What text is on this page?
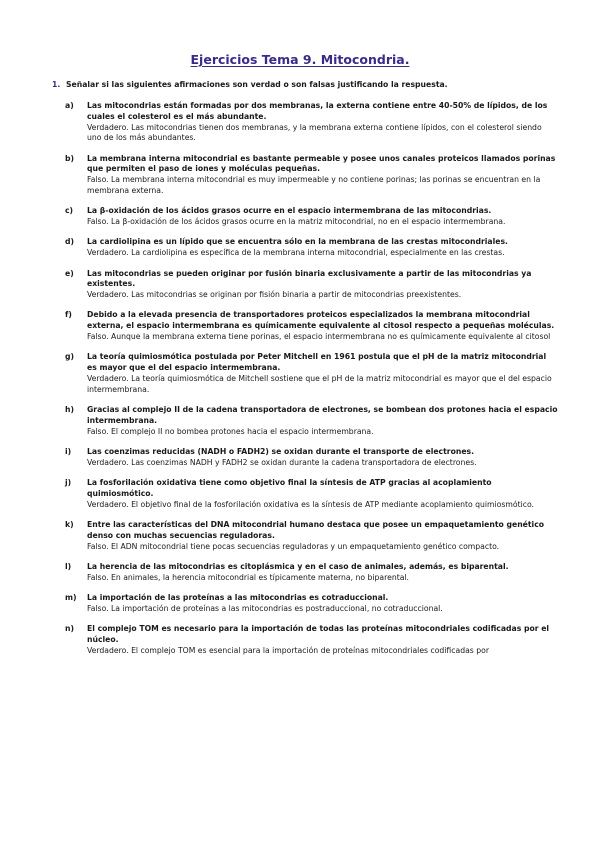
Ejercicios Tema 9. Mitocondria.
1. Señalar si las siguientes afirmaciones son verdad o son falsas justificando la respuesta.
a) Las mitocondrias están formadas por dos membranas, la externa contiene entre 40-50% de lípidos, de los cuales el colesterol es el más abundante.
Verdadero. Las mitocondrias tienen dos membranas, y la membrana externa contiene lípidos, con el colesterol siendo uno de los más abundantes.
b) La membrana interna mitocondrial es bastante permeable y posee unos canales proteicos llamados porinas que permiten el paso de iones y moléculas pequeñas.
Falso. La membrana interna mitocondrial es muy impermeable y no contiene porinas; las porinas se encuentran en la membrana externa.
c) La β-oxidación de los ácidos grasos ocurre en el espacio intermembrana de las mitocondrias.
Falso. La β-oxidación de los ácidos grasos ocurre en la matriz mitocondrial, no en el espacio intermembrana.
d) La cardiolipina es un lípido que se encuentra sólo en la membrana de las crestas mitocondriales.
Verdadero. La cardiolipina es específica de la membrana interna mitocondrial, especialmente en las crestas.
e) Las mitocondrias se pueden originar por fusión binaria exclusivamente a partir de las mitocondrias ya existentes.
Verdadero. Las mitocondrias se originan por fisión binaria a partir de mitocondrias preexistentes.
f) Debido a la elevada presencia de transportadores proteicos especializados la membrana mitocondrial externa, el espacio intermembrana es químicamente equivalente al citosol respecto a pequeñas moléculas.
Falso. Aunque la membrana externa tiene porinas, el espacio intermembrana no es químicamente equivalente al citosol
g) La teoría quimiosmótica postulada por Peter Mitchell en 1961 postula que el pH de la matriz mitocondrial es mayor que el del espacio intermembrana.
Verdadero. La teoría quimiosmótica de Mitchell sostiene que el pH de la matriz mitocondrial es mayor que el del espacio intermembrana.
h) Gracias al complejo II de la cadena transportadora de electrones, se bombean dos protones hacia el espacio intermembrana.
Falso. El complejo II no bombea protones hacia el espacio intermembrana.
i) Las coenzimas reducidas (NADH o FADH2) se oxidan durante el transporte de electrones.
Verdadero. Las coenzimas NADH y FADH2 se oxidan durante la cadena transportadora de electrones.
j) La fosforilación oxidativa tiene como objetivo final la síntesis de ATP gracias al acoplamiento quimiosmótico.
Verdadero. El objetivo final de la fosforilación oxidativa es la síntesis de ATP mediante acoplamiento quimiosmótico.
k) Entre las características del DNA mitocondrial humano destaca que posee un empaquetamiento genético denso con muchas secuencias reguladoras.
Falso. El ADN mitocondrial tiene pocas secuencias reguladoras y un empaquetamiento genético compacto.
l) La herencia de las mitocondrias es citoplásmica y en el caso de animales, además, es biparental.
Falso. En animales, la herencia mitocondrial es típicamente materna, no biparental.
m) La importación de las proteínas a las mitocondrias es cotraduccional.
Falso. La importación de proteínas a las mitocondrias es postraduccional, no cotraduccional.
n) El complejo TOM es necesario para la importación de todas las proteínas mitocondriales codificadas por el núcleo.
Verdadero. El complejo TOM es esencial para la importación de proteínas mitocondriales codificadas por
